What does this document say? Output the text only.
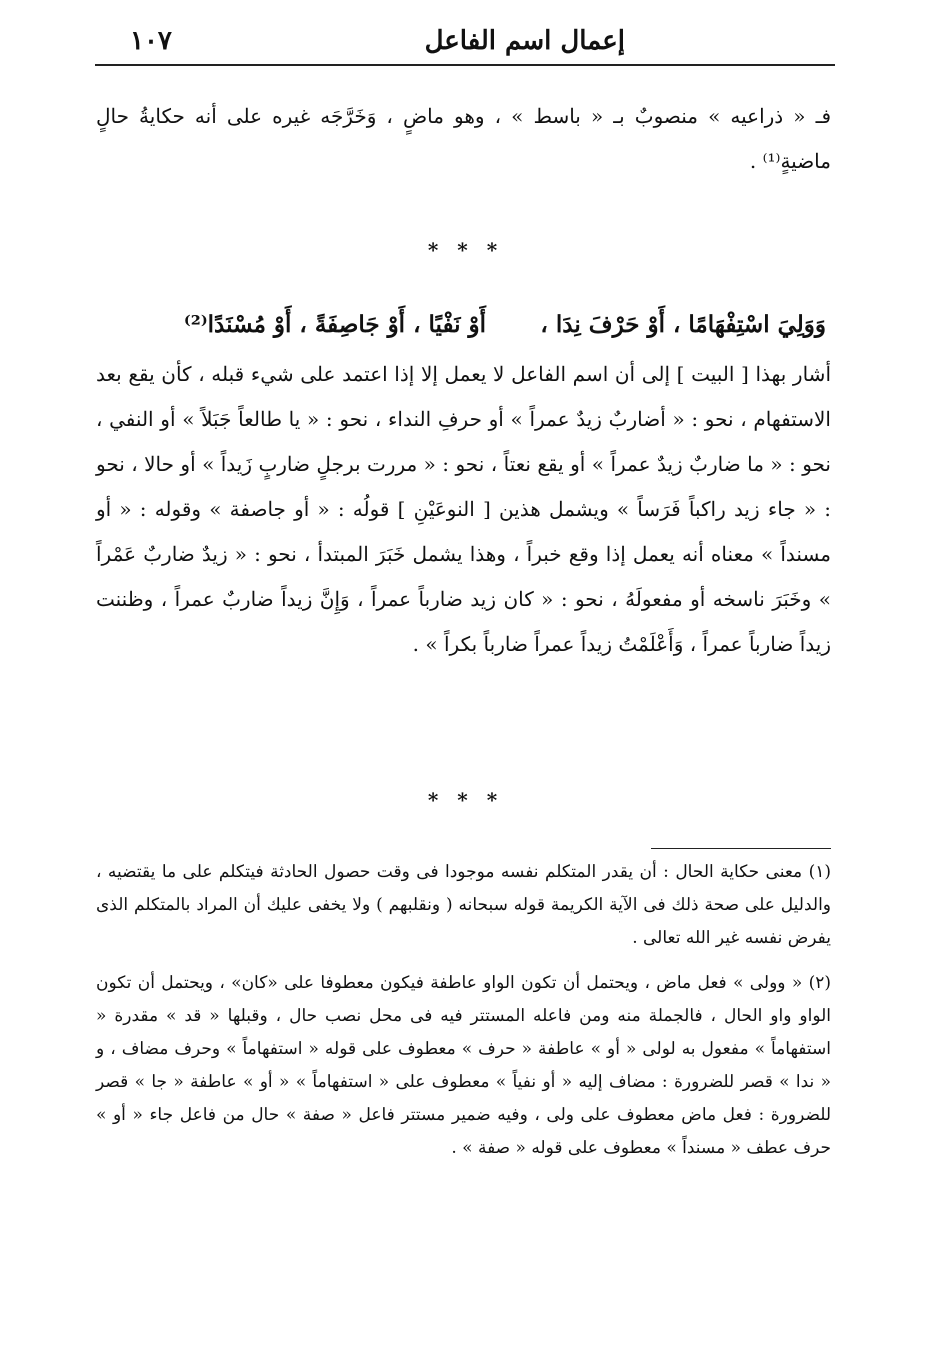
إعمال اسم الفاعل
١٠٧
فـ « ذراعيه » منصوبٌ بـ « باسط » ، وهو ماضٍ ، وَخَرَّجَه غيره على أنه حكايةُ حالٍ ماضيةٍ⁽¹⁾ .
* * *
وَوَلِيَ اسْتِفْهَامًا ، أَوْ حَرْفَ نِدَا ،أَوْ نَفْيًا ، أَوْ جَاصِفَةً ، أَوْ مُسْنَدًا⁽²⁾
أشار بهذا [ البيت ] إلى أن اسم الفاعل لا يعمل إلا إذا اعتمد على شيء قبله ، كأن يقع بعد الاستفهام ، نحو : « أضاربٌ زيدٌ عمراً » أو حرفِ النداء ، نحو : « يا طالعاً جَبَلاً » أو النفي ، نحو : « ما ضاربٌ زيدٌ عمراً » أو يقع نعتاً ، نحو : « مررت برجلٍ ضاربٍ زَيداً » أو حالا ، نحو : « جاء زيد راكباً فَرَساً » ويشمل هذين [ النوعَيْنِ ] قولُه : « أو جاصفة » وقوله : « أو مسنداً » معناه أنه يعمل إذا وقع خبراً ، وهذا يشمل خَبَرَ المبتدأ ، نحو : « زيدٌ ضاربٌ عَمْراً » وخَبَرَ ناسخه أو مفعولَهُ ، نحو : « كان زيد ضارباً عمراً ، وَإِنَّ زيداً ضاربٌ عمراً ، وظننت زيداً ضارباً عمراً ، وَأَعْلَمْتُ زيداً عمراً ضارباً بكراً » .
* * *

(١) معنى حكاية الحال : أن يقدر المتكلم نفسه موجودا فى وقت حصول الحادثة فيتكلم على ما يقتضيه ، والدليل على صحة ذلك فى الآية الكريمة قوله سبحانه ( ونقلبهم ) ولا يخفى عليك أن المراد بالمتكلم الذى يفرض نفسه غير الله تعالى .

(٢) « وولى » فعل ماض ، ويحتمل أن تكون الواو عاطفة فيكون معطوفا على «كان» ، ويحتمل أن تكون الواو واو الحال ، فالجملة منه ومن فاعله المستتر فيه فى محل نصب حال ، وقبلها « قد » مقدرة « استفهاماً » مفعول به لولى « أو » عاطفة « حرف » معطوف على قوله « استفهاماً » وحرف مضاف ، و « ندا » قصر للضرورة : مضاف إليه « أو نفياً » معطوف على « استفهاماً » « أو » عاطفة « جا » قصر للضرورة : فعل ماض معطوف على ولى ، وفيه ضمير مستتر فاعل « صفة » حال من فاعل جاء « أو » حرف عطف « مسنداً » معطوف على قوله « صفة » .
